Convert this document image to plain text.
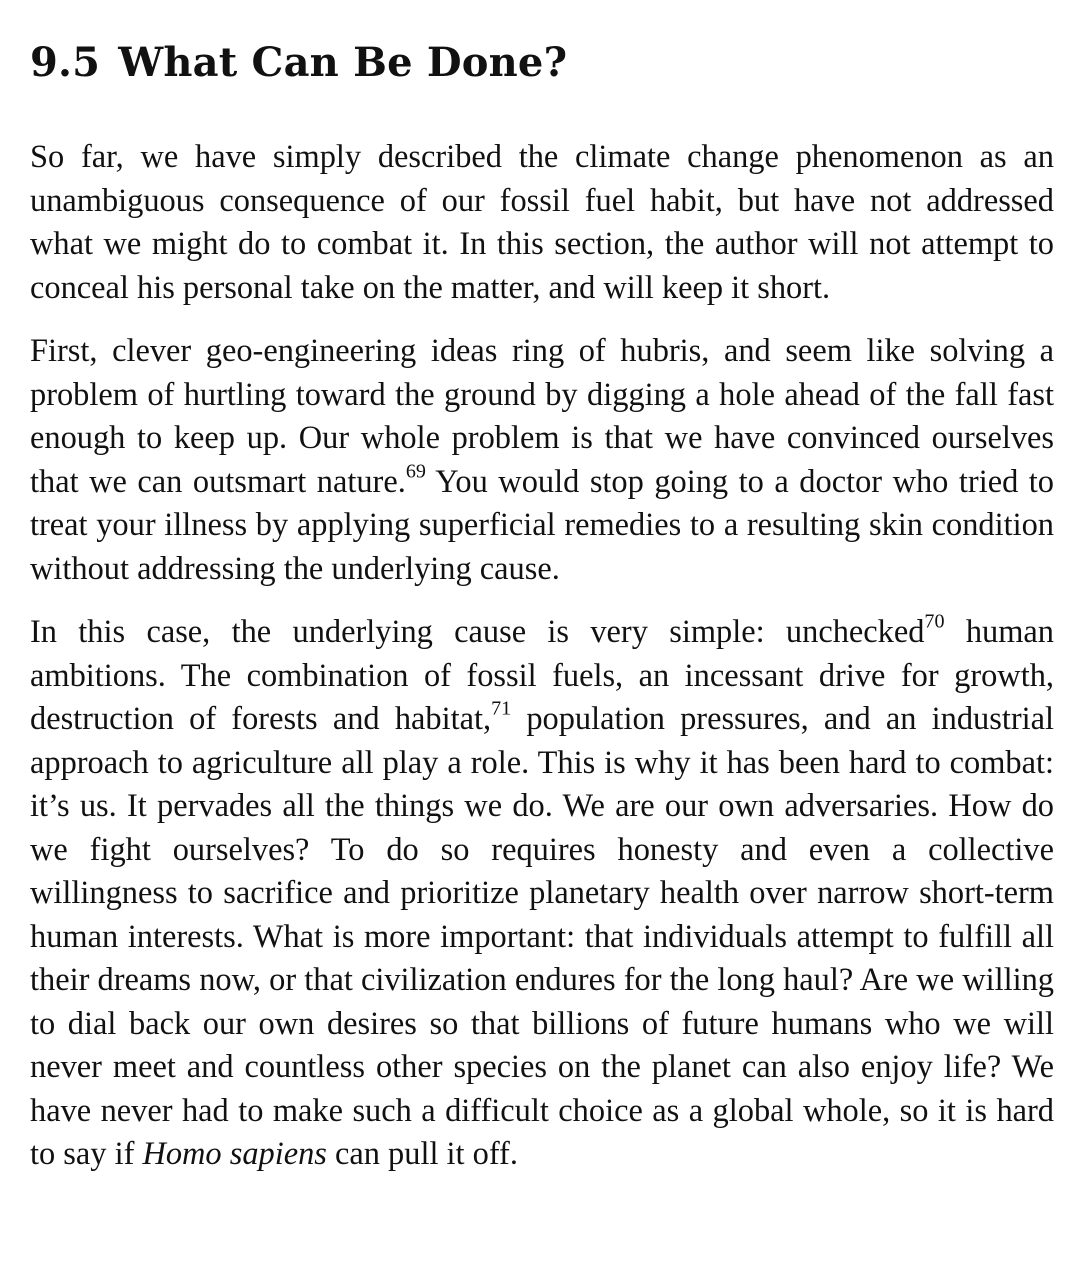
9.5 What Can Be Done?

So far, we have simply described the climate change phenomenon as an unambiguous consequence of our fossil fuel habit, but have not addressed what we might do to combat it. In this section, the author will not attempt to conceal his personal take on the matter, and will keep it short.

First, clever geo-engineering ideas ring of hubris, and seem like solving a problem of hurtling toward the ground by digging a hole ahead of the fall fast enough to keep up. Our whole problem is that we have convinced ourselves that we can outsmart nature.$^{69}$ You would stop going to a doctor who tried to treat your illness by applying superficial remedies to a resulting skin condition without addressing the underlying cause.

In this case, the underlying cause is very simple: unchecked$^{70}$ human ambitions. The combination of fossil fuels, an incessant drive for growth, destruction of forests and habitat,$^{71}$ population pressures, and an industrial approach to agriculture all play a role. This is why it has been hard to combat: it’s us. It pervades all the things we do. We are our own adversaries. How do we fight ourselves? To do so requires honesty and even a collective willingness to sacrifice and prioritize planetary health over narrow short-term human interests. What is more important: that individuals attempt to fulfill all their dreams now, or that civilization endures for the long haul? Are we willing to dial back our own desires so that billions of future humans who we will never meet and countless other species on the planet can also enjoy life? We have never had to make such a difficult choice as a global whole, so it is hard to say if Homo sapiens can pull it off.
